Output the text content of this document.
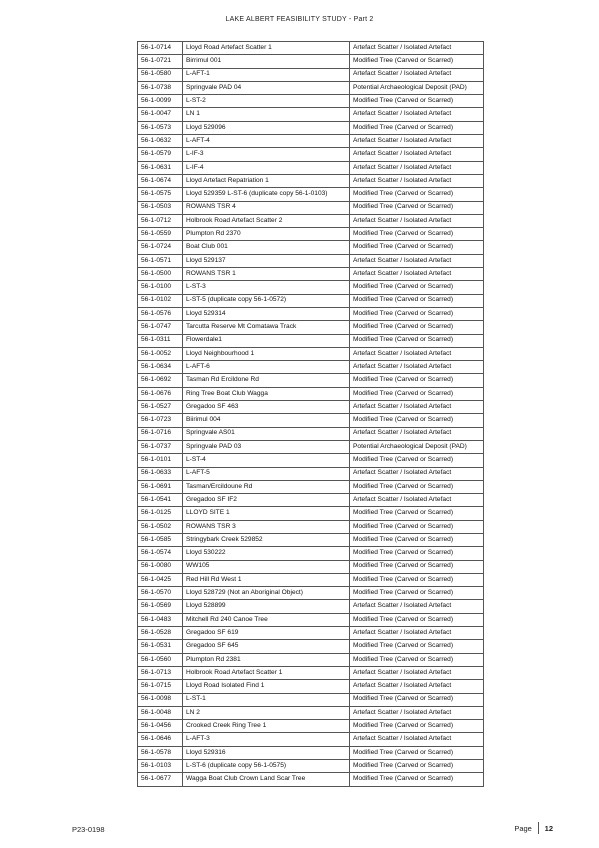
LAKE ALBERT FEASIBILITY STUDY - Part 2
56-1-0714	Lloyd Road Artefact Scatter 1	Artefact Scatter / Isolated Artefact
56-1-0721	Birrimul 001	Modified Tree (Carved or Scarred)
56-1-0580	L-AFT-1	Artefact Scatter / Isolated Artefact
56-1-0738	Springvale PAD 04	Potential Archaeological Deposit (PAD)
56-1-0099	L-ST-2	Modified Tree (Carved or Scarred)
56-1-0047	LN 1	Artefact Scatter / Isolated Artefact
56-1-0573	Lloyd 529096	Modified Tree (Carved or Scarred)
56-1-0632	L-AFT-4	Artefact Scatter / Isolated Artefact
56-1-0579	L-IF-3	Artefact Scatter / Isolated Artefact
56-1-0631	L-IF-4	Artefact Scatter / Isolated Artefact
56-1-0674	Lloyd Artefact Repatriation 1	Artefact Scatter / Isolated Artefact
56-1-0575	Lloyd 529359 L-ST-6 (duplicate copy 56-1-0103)	Modified Tree (Carved or Scarred)
56-1-0503	ROWANS TSR 4	Modified Tree (Carved or Scarred)
56-1-0712	Holbrook Road Artefact Scatter 2	Artefact Scatter / Isolated Artefact
56-1-0559	Plumpton Rd 2370	Modified Tree (Carved or Scarred)
56-1-0724	Boat Club 001	Modified Tree (Carved or Scarred)
56-1-0571	Lloyd 529137	Artefact Scatter / Isolated Artefact
56-1-0500	ROWANS TSR 1	Artefact Scatter / Isolated Artefact
56-1-0100	L-ST-3	Modified Tree (Carved or Scarred)
56-1-0102	L-ST-5 (duplicate copy 56-1-0572)	Modified Tree (Carved or Scarred)
56-1-0576	Lloyd 529314	Modified Tree (Carved or Scarred)
56-1-0747	Tarcutta Reserve Mt Comatawa Track	Modified Tree (Carved or Scarred)
56-1-0311	Flowerdale1	Modified Tree (Carved or Scarred)
56-1-0052	Lloyd Neighbourhood 1	Artefact Scatter / Isolated Artefact
56-1-0634	L-AFT-6	Artefact Scatter / Isolated Artefact
56-1-0692	Tasman Rd Ercildone Rd	Modified Tree (Carved or Scarred)
56-1-0676	Ring Tree Boat Club Wagga	Modified Tree (Carved or Scarred)
56-1-0527	Gregadoo SF 463	Artefact Scatter / Isolated Artefact
56-1-0723	Biirimul 004	Modified Tree (Carved or Scarred)
56-1-0716	Springvale AS01	Artefact Scatter / Isolated Artefact
56-1-0737	Springvale PAD 03	Potential Archaeological Deposit (PAD)
56-1-0101	L-ST-4	Modified Tree (Carved or Scarred)
56-1-0633	L-AFT-5	Artefact Scatter / Isolated Artefact
56-1-0691	Tasman/Ercildoune Rd	Modified Tree (Carved or Scarred)
56-1-0541	Gregadoo SF IF2	Artefact Scatter / Isolated Artefact
56-1-0125	LLOYD SITE 1	Modified Tree (Carved or Scarred)
56-1-0502	ROWANS TSR 3	Modified Tree (Carved or Scarred)
56-1-0585	Stringybark Creek 529852	Modified Tree (Carved or Scarred)
56-1-0574	Lloyd 530222	Modified Tree (Carved or Scarred)
56-1-0080	WW105	Modified Tree (Carved or Scarred)
56-1-0425	Red Hill Rd West 1	Modified Tree (Carved or Scarred)
56-1-0570	Lloyd 528729 (Not an Aboriginal Object)	Modified Tree (Carved or Scarred)
56-1-0569	Lloyd 528899	Artefact Scatter / Isolated Artefact
56-1-0483	Mitchell Rd 240 Canoe Tree	Modified Tree (Carved or Scarred)
56-1-0528	Gregadoo SF 619	Artefact Scatter / Isolated Artefact
56-1-0531	Gregadoo SF 645	Modified Tree (Carved or Scarred)
56-1-0560	Plumpton Rd 2381	Modified Tree (Carved or Scarred)
56-1-0713	Holbrook Road Artefact Scatter 1	Artefact Scatter / Isolated Artefact
56-1-0715	Lloyd Road Isolated Find 1	Artefact Scatter / Isolated Artefact
56-1-0098	L-ST-1	Modified Tree (Carved or Scarred)
56-1-0048	LN 2	Artefact Scatter / Isolated Artefact
56-1-0456	Crooked Creek Ring Tree 1	Modified Tree (Carved or Scarred)
56-1-0646	L-AFT-3	Artefact Scatter / Isolated Artefact
56-1-0578	Lloyd 529316	Modified Tree (Carved or Scarred)
56-1-0103	L-ST-6 (duplicate copy 56-1-0575)	Modified Tree (Carved or Scarred)
56-1-0677	Wagga Boat Club Crown Land Scar Tree	Modified Tree (Carved or Scarred)
P23-0198	Page 12
